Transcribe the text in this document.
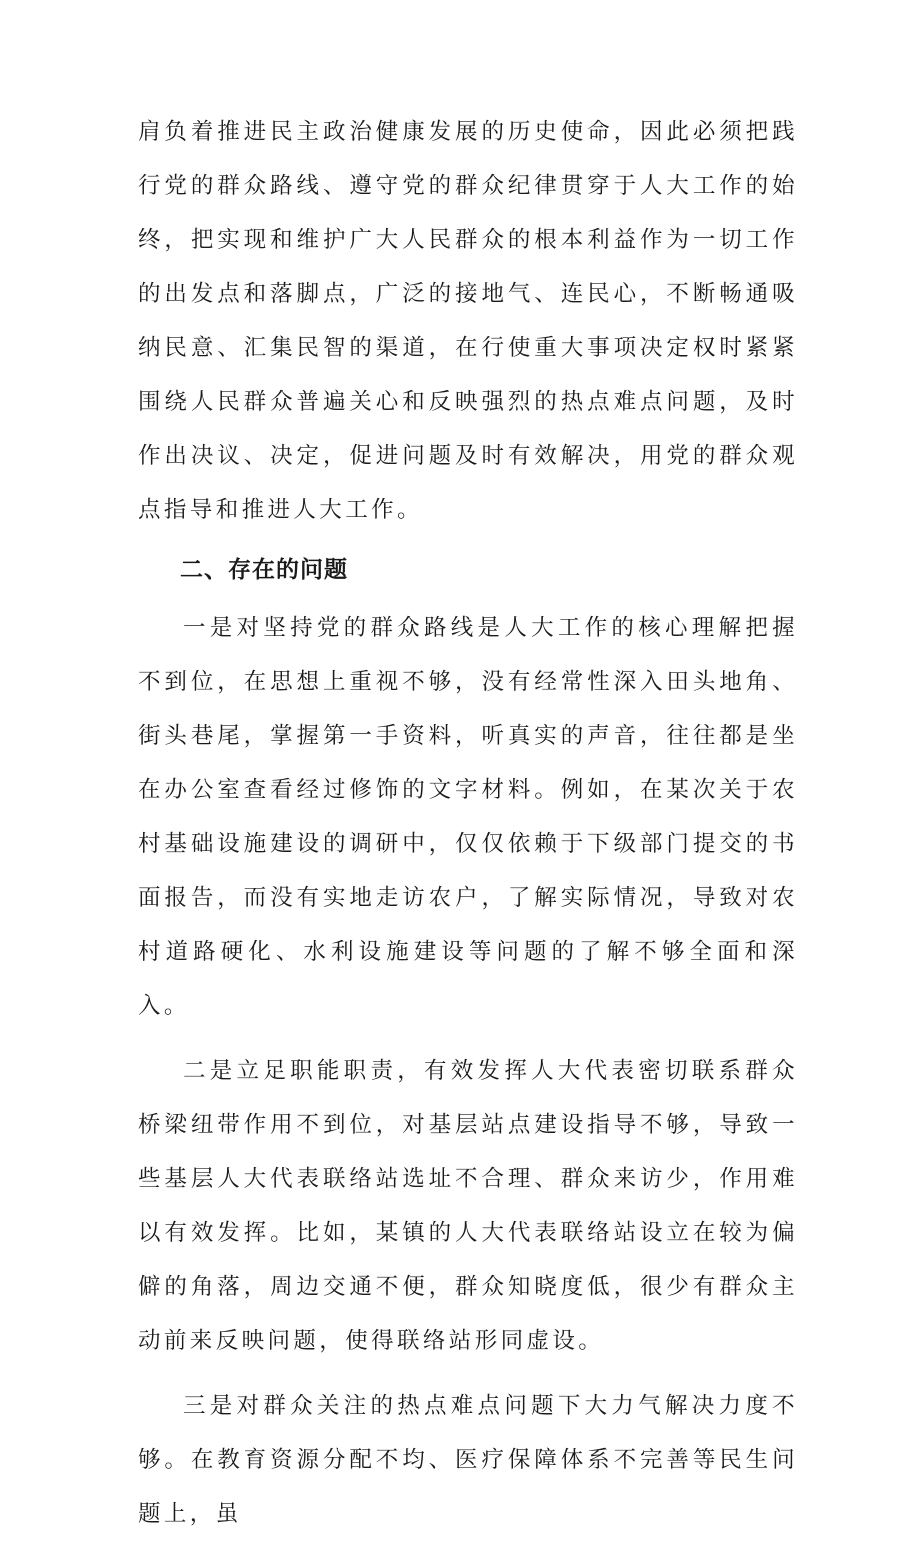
肩负着推进民主政治健康发展的历史使命，因此必须把践行党的群众路线、遵守党的群众纪律贯穿于人大工作的始终，把实现和维护广大人民群众的根本利益作为一切工作的出发点和落脚点，广泛的接地气、连民心，不断畅通吸纳民意、汇集民智的渠道，在行使重大事项决定权时紧紧围绕人民群众普遍关心和反映强烈的热点难点问题，及时作出决议、决定，促进问题及时有效解决，用党的群众观点指导和推进人大工作。

二、存在的问题

一是对坚持党的群众路线是人大工作的核心理解把握不到位，在思想上重视不够，没有经常性深入田头地角、街头巷尾，掌握第一手资料，听真实的声音，往往都是坐在办公室查看经过修饰的文字材料。例如，在某次关于农村基础设施建设的调研中，仅仅依赖于下级部门提交的书面报告，而没有实地走访农户，了解实际情况，导致对农村道路硬化、水利设施建设等问题的了解不够全面和深入。

二是立足职能职责，有效发挥人大代表密切联系群众桥梁纽带作用不到位，对基层站点建设指导不够，导致一些基层人大代表联络站选址不合理、群众来访少，作用难以有效发挥。比如，某镇的人大代表联络站设立在较为偏僻的角落，周边交通不便，群众知晓度低，很少有群众主动前来反映问题，使得联络站形同虚设。

三是对群众关注的热点难点问题下大力气解决力度不够。在教育资源分配不均、医疗保障体系不完善等民生问题上，虽
